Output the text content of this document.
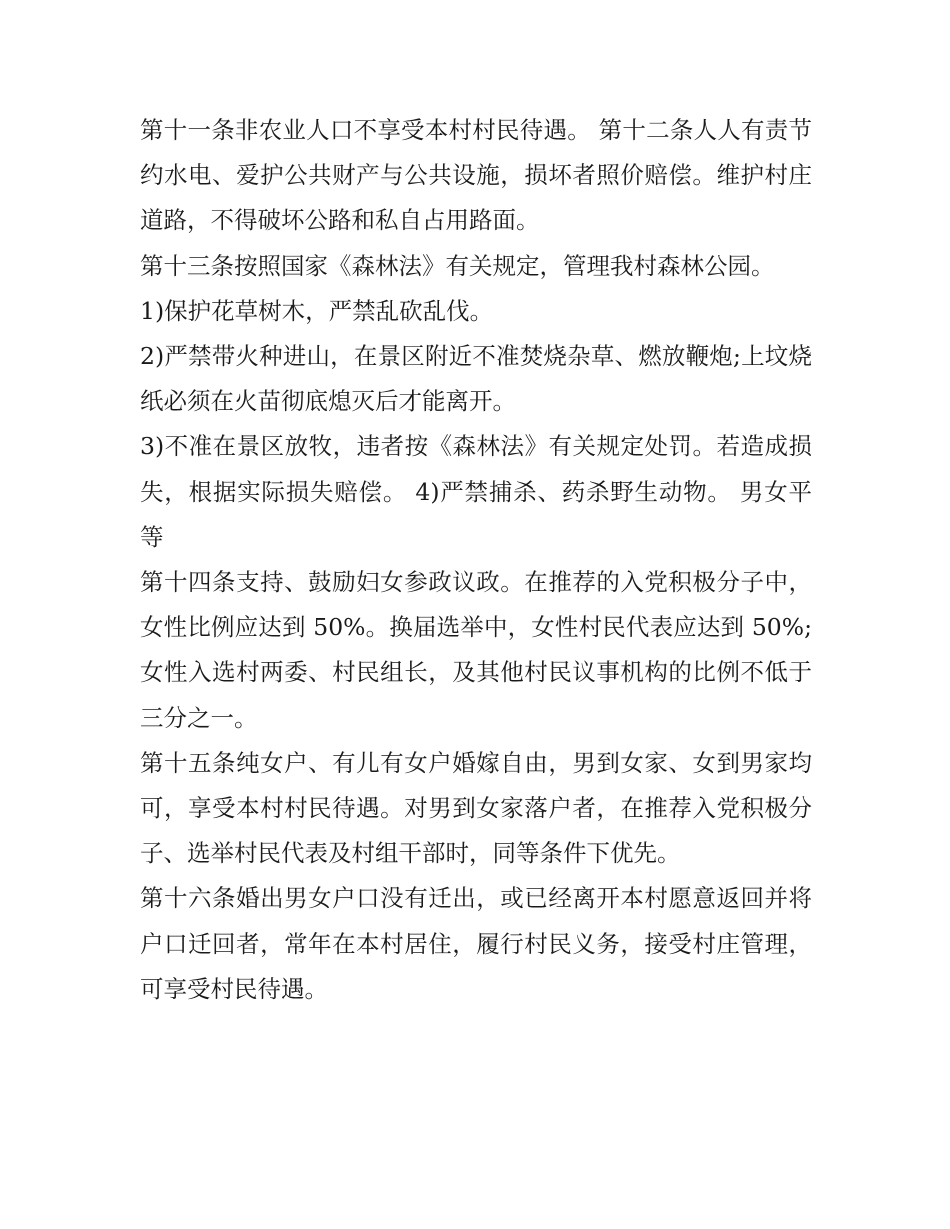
第十一条非农业人口不享受本村村民待遇。 第十二条人人有责节约水电、爱护公共财产与公共设施，损坏者照价赔偿。维护村庄道路，不得破坏公路和私自占用路面。

第十三条按照国家《森林法》有关规定，管理我村森林公园。

1)保护花草树木，严禁乱砍乱伐。

2)严禁带火种进山，在景区附近不准焚烧杂草、燃放鞭炮;上坟烧纸必须在火苗彻底熄灭后才能离开。

3)不准在景区放牧，违者按《森林法》有关规定处罚。若造成损失，根据实际损失赔偿。 4)严禁捕杀、药杀野生动物。 男女平等

第十四条支持、鼓励妇女参政议政。在推荐的入党积极分子中，女性比例应达到 50%。换届选举中，女性村民代表应达到 50%;女性入选村两委、村民组长，及其他村民议事机构的比例不低于三分之一。

第十五条纯女户、有儿有女户婚嫁自由，男到女家、女到男家均可，享受本村村民待遇。对男到女家落户者，在推荐入党积极分子、选举村民代表及村组干部时，同等条件下优先。

第十六条婚出男女户口没有迁出，或已经离开本村愿意返回并将户口迁回者，常年在本村居住，履行村民义务，接受村庄管理，可享受村民待遇。
